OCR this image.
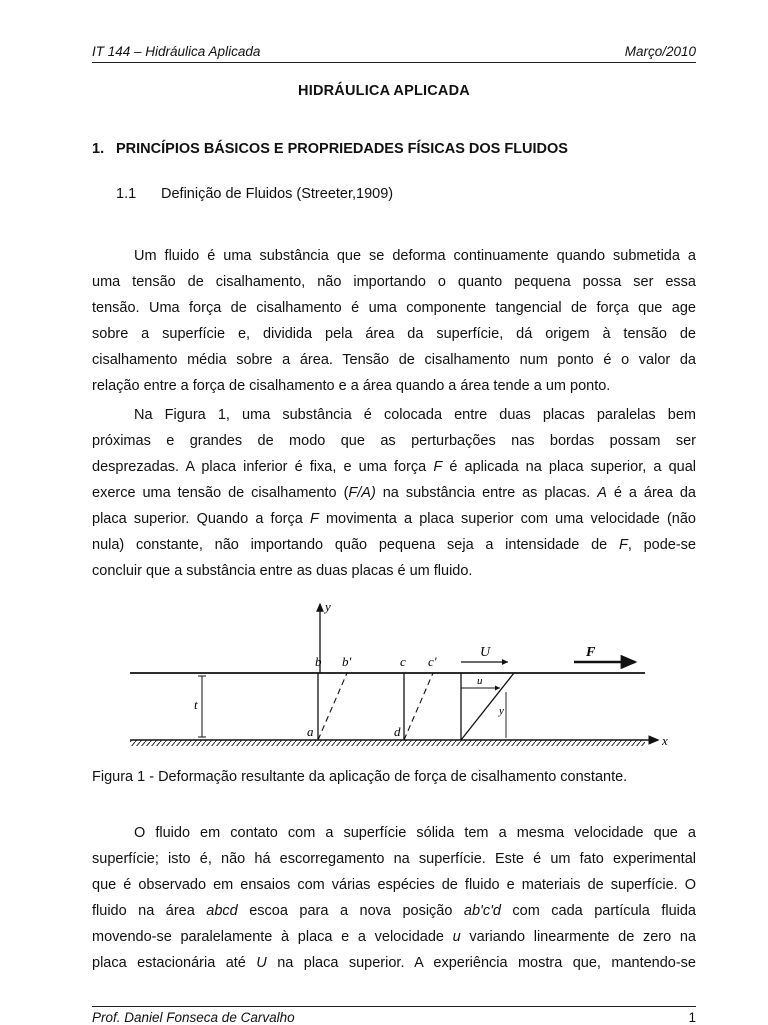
IT 144 – Hidráulica Aplicada	Março/2010
HIDRÁULICA APLICADA
1. PRINCÍPIOS BÁSICOS E PROPRIEDADES FÍSICAS DOS FLUIDOS
1.1 Definição de Fluidos (Streeter,1909)
Um fluido é uma substância que se deforma continuamente quando submetida a
uma tensão de cisalhamento, não importando o quanto pequena possa ser essa
tensão. Uma força de cisalhamento é uma componente tangencial de força que age
sobre a superfície e, dividida pela área da superfície, dá origem à tensão de
cisalhamento média sobre a área. Tensão de cisalhamento num ponto é o valor da
relação entre a força de cisalhamento e a área quando a área tende a um ponto.
Na Figura 1, uma substância é colocada entre duas placas paralelas bem
próximas e grandes de modo que as perturbações nas bordas possam ser
desprezadas. A placa inferior é fixa, e uma força F é aplicada na placa superior, a qual
exerce uma tensão de cisalhamento (F/A) na substância entre as placas. A é a área da
placa superior. Quando a força F movimenta a placa superior com uma velocidade (não
nula) constante, não importando quão pequena seja a intensidade de F, pode-se
concluir que a substância entre as duas placas é um fluido.
x
y
t
b b′	c c′
a	d
U
u
y
F
Figura 1 - Deformação resultante da aplicação de força de cisalhamento constante.
O fluido em contato com a superfície sólida tem a mesma velocidade que a
superfície; isto é, não há escorregamento na superfície. Este é um fato experimental
que é observado em ensaios com várias espécies de fluido e materiais de superfície. O
fluido na área abcd escoa para a nova posição ab'c'd com cada partícula fluida
movendo-se paralelamente à placa e a velocidade u variando linearmente de zero na
placa estacionária até U na placa superior. A experiência mostra que, mantendo-se
Prof. Daniel Fonseca de Carvalho	1
